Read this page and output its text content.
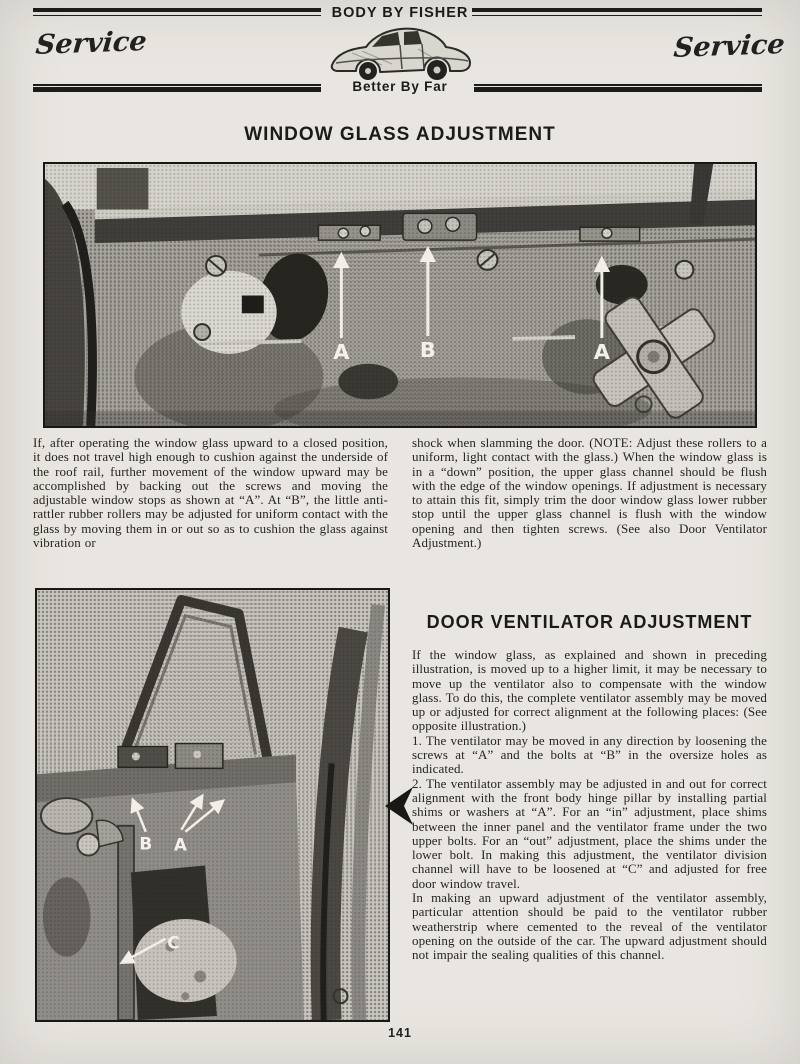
BODY BY FISHER
Service	Service
Better By Far
WINDOW GLASS ADJUSTMENT
A	B	A

If, after operating the window glass upward to a closed position, it does not travel high enough to cushion against the underside of the roof rail, further movement of the window upward may be accomplished by backing out the screws and moving the adjustable window stops as shown at “A”. At “B”, the little anti-rattler rubber rollers may be adjusted for uniform contact with the glass by moving them in or out so as to cushion the glass against vibration or

shock when slamming the door. (NOTE: Adjust these rollers to a uniform, light contact with the glass.) When the window glass is in a “down” position, the upper glass channel should be flush with the edge of the window openings. If adjustment is necessary to attain this fit, simply trim the door window glass lower rubber stop until the upper glass channel is flush with the window opening and then tighten screws. (See also Door Ventilator Adjustment.)

B A
C
DOOR VENTILATOR ADJUSTMENT

If the window glass, as explained and shown in preceding illustration, is moved up to a higher limit, it may be necessary to move up the ventilator also to compensate with the window glass. To do this, the complete ventilator assembly may be moved up or adjusted for correct alignment at the following places: (See opposite illustration.)

1. The ventilator may be moved in any direction by loosening the screws at “A” and the bolts at “B” in the oversize holes as indicated.

2. The ventilator assembly may be adjusted in and out for correct alignment with the front body hinge pillar by installing partial shims or washers at “A”. For an “in” adjustment, place shims between the inner panel and the ventilator frame under the two upper bolts. For an “out” adjustment, place the shims under the lower bolt. In making this adjustment, the ventilator division channel will have to be loosened at “C” and adjusted for free door window travel.

In making an upward adjustment of the ventilator assembly, particular attention should be paid to the ventilator rubber weatherstrip where cemented to the reveal of the ventilator opening on the outside of the car. The upward adjustment should not impair the sealing qualities of this channel.

141
